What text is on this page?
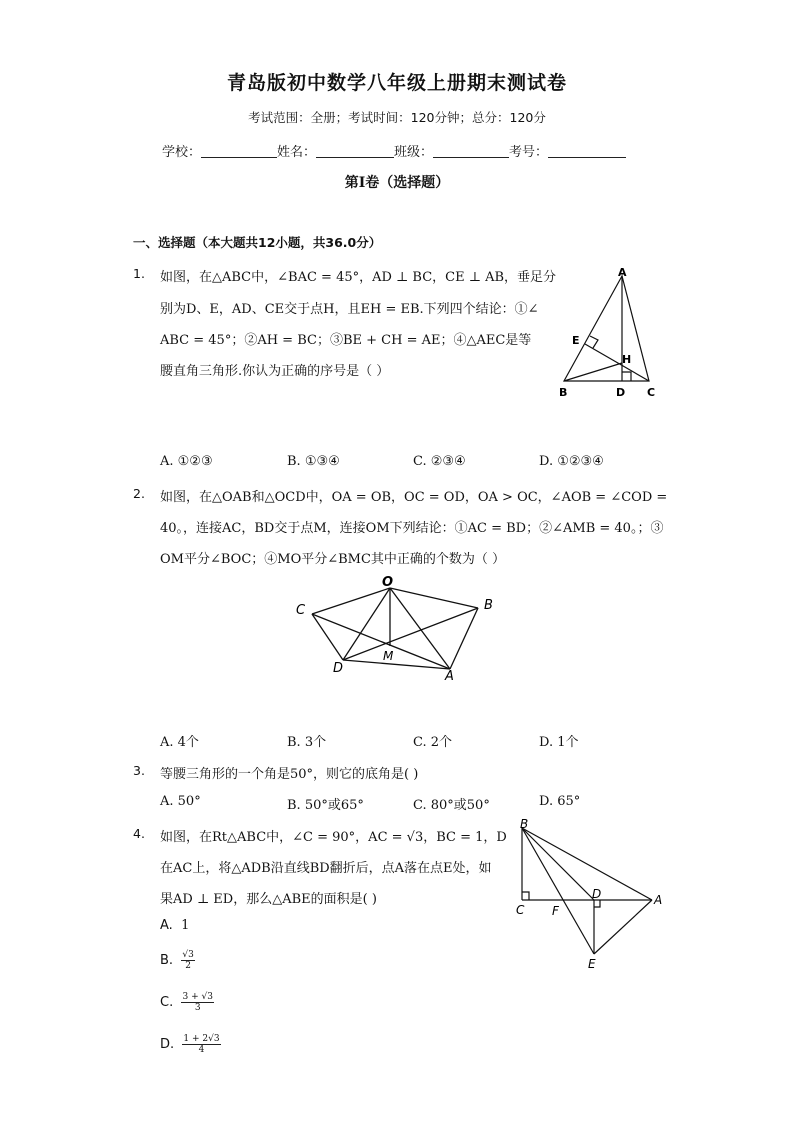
青岛版初中数学八年级上册期末测试卷
考试范围：全册；考试时间：120分钟；总分：120分
学校：	姓名：	班级：	考号：
第I卷（选择题）
一、选择题（本大题共12小题，共36.0分）
1. 如图，在△ABC中，∠BAC = 45°，AD ⊥ BC，CE ⊥ AB，垂足分
别为D、E，AD、CE交于点H，且EH = EB.下列四个结论：①∠
ABC = 45°；②AH = BC；③BE + CH = AE；④△AEC是等
腰直角三角形.你认为正确的序号是（ ）
A
E
H
B	D C
A. ①②③	B. ①③④	C. ②③④	D. ①②③④
2. 如图，在△OAB和△OCD中，OA = OB，OC = OD，OA > OC，∠AOB = ∠COD =
40。，连接AC，BD交于点M，连接OM下列结论：①AC = BD；②∠AMB = 40。；③
OM平分∠BOC；④MO平分∠BMC其中正确的个数为（ ）
O
C	B
M
D
A
A. 4个	B. 3个	C. 2个	D. 1个
3. 等腰三角形的一个角是50°，则它的底角是( )
A. 50°	B. 50°或65°	C. 80°或50°	D. 65°
4. 如图，在Rt△ABC中，∠C = 90°，AC = √3，BC = 1，D
在AC上，将△ADB沿直线BD翻折后，点A落在点E处，如
果AD ⊥ ED，那么△ABE的面积是( )
B
D
C F
A
E
A. 1
B. $\frac{√3}{2}$
C. $\frac{3 + √3}{3}$
D. $\frac{1 + 2√3}{4}$
